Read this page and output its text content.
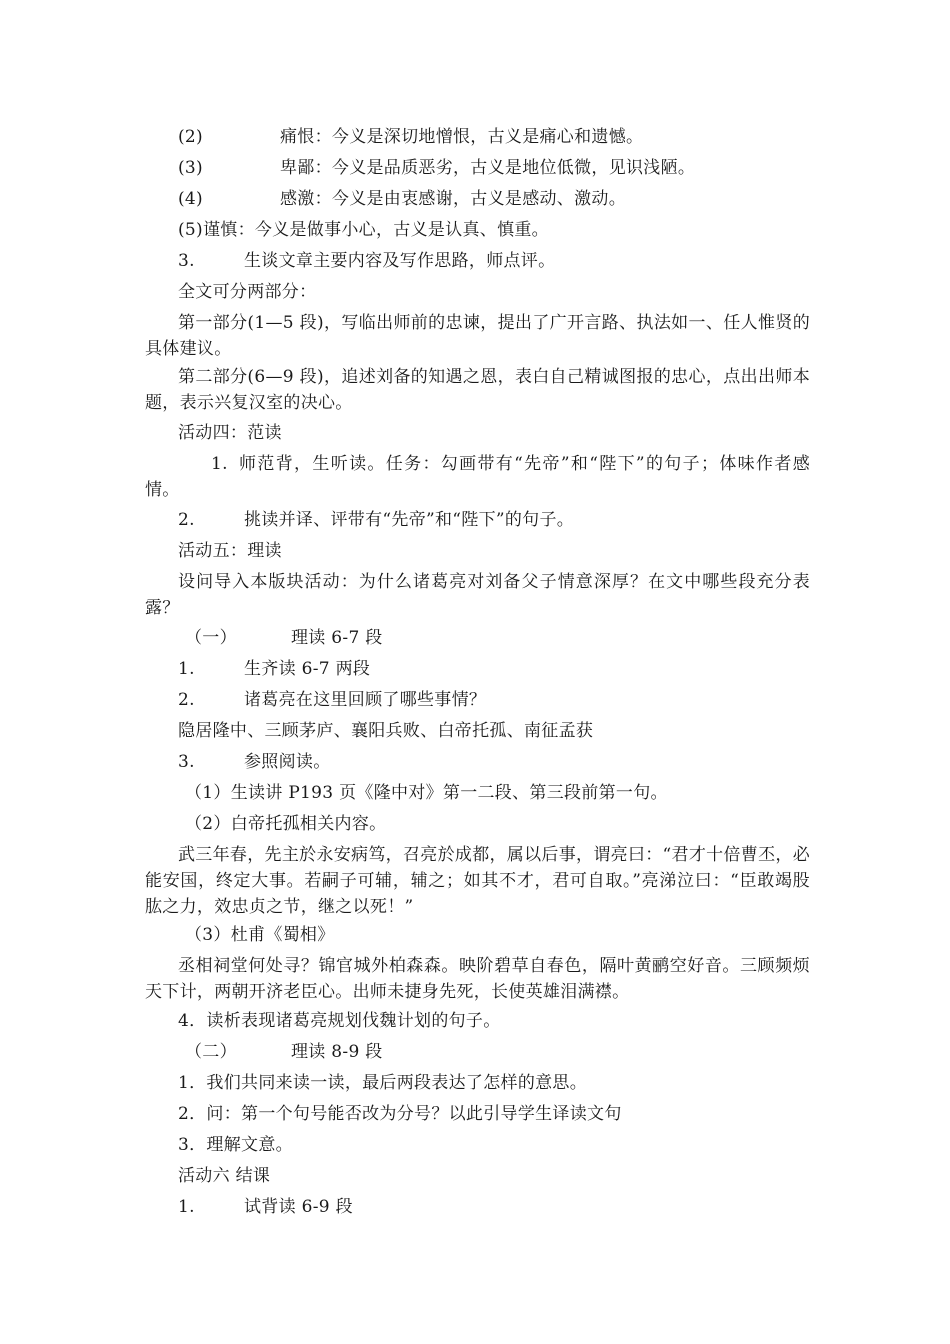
(2)	痛恨：今义是深切地憎恨，古义是痛心和遗憾。
(3)	卑鄙：今义是品质恶劣，古义是地位低微，见识浅陋。
(4)	感激：今义是由衷感谢，古义是感动、激动。
(5)谨慎：今义是做事小心，古义是认真、慎重。
3.	生谈文章主要内容及写作思路，师点评。
全文可分两部分：
第一部分(1—5 段)，写临出师前的忠谏，提出了广开言路、执法如一、任人惟贤的具体建议。
第二部分(6—9 段)，追述刘备的知遇之恩，表白自己精诚图报的忠心，点出出师本题，表示兴复汉室的决心。
活动四：范读
1. 师范背，生听读。任务：勾画带有“先帝”和“陛下”的句子；体味作者感情。
2.	挑读并译、评带有“先帝”和“陛下”的句子。
活动五：理读
设问导入本版块活动：为什么诸葛亮对刘备父子情意深厚？在文中哪些段充分表露？
（一）	理读 6-7 段
1.	生齐读 6-7 两段
2.	诸葛亮在这里回顾了哪些事情？
隐居隆中、三顾茅庐、襄阳兵败、白帝托孤、南征孟获
3.	参照阅读。
（1）生读讲 P193 页《隆中对》第一二段、第三段前第一句。
（2）白帝托孤相关内容。
武三年春，先主於永安病笃，召亮於成都，属以后事，谓亮曰：“君才十倍曹丕，必能安国，终定大事。若嗣子可辅，辅之；如其不才，君可自取。”亮涕泣曰：“臣敢竭股肱之力，效忠贞之节，继之以死！”
（3）杜甫《蜀相》
丞相祠堂何处寻？锦官城外柏森森。映阶碧草自春色，隔叶黄鹂空好音。三顾频烦天下计，两朝开济老臣心。出师未捷身先死，长使英雄泪满襟。
4．读析表现诸葛亮规划伐魏计划的句子。
（二）	理读 8-9 段
1．我们共同来读一读，最后两段表达了怎样的意思。
2．问：第一个句号能否改为分号？以此引导学生译读文句
3．理解文意。
活动六 结课
1.	试背读 6-9 段
